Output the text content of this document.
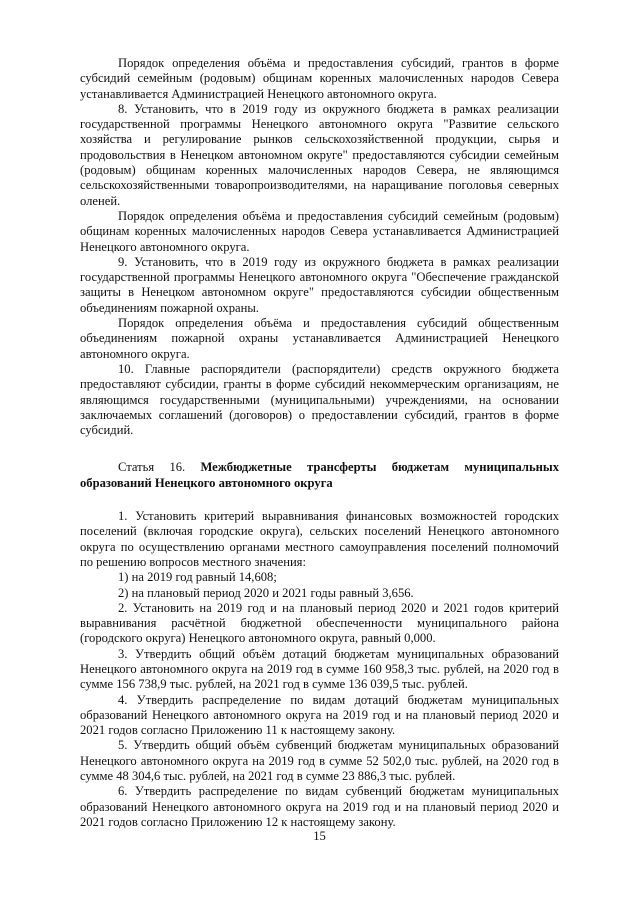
Порядок определения объёма и предоставления субсидий, грантов в форме субсидий семейным (родовым) общинам коренных малочисленных народов Севера устанавливается Администрацией Ненецкого автономного округа.

8. Установить, что в 2019 году из окружного бюджета в рамках реализации государственной программы Ненецкого автономного округа "Развитие сельского хозяйства и регулирование рынков сельскохозяйственной продукции, сырья и продовольствия в Ненецком автономном округе" предоставляются субсидии семейным (родовым) общинам коренных малочисленных народов Севера, не являющимся сельскохозяйственными товаропроизводителями, на наращивание поголовья северных оленей.

Порядок определения объёма и предоставления субсидий семейным (родовым) общинам коренных малочисленных народов Севера устанавливается Администрацией Ненецкого автономного округа.

9. Установить, что в 2019 году из окружного бюджета в рамках реализации государственной программы Ненецкого автономного округа "Обеспечение гражданской защиты в Ненецком автономном округе" предоставляются субсидии общественным объединениям пожарной охраны.

Порядок определения объёма и предоставления субсидий общественным объединениям пожарной охраны устанавливается Администрацией Ненецкого автономного округа.

10. Главные распорядители (распорядители) средств окружного бюджета предоставляют субсидии, гранты в форме субсидий некоммерческим организациям, не являющимся государственными (муниципальными) учреждениями, на основании заключаемых соглашений (договоров) о предоставлении субсидий, грантов в форме субсидий.

Статья 16. Межбюджетные трансферты бюджетам муниципальных образований Ненецкого автономного округа

1. Установить критерий выравнивания финансовых возможностей городских поселений (включая городские округа), сельских поселений Ненецкого автономного округа по осуществлению органами местного самоуправления поселений полномочий по решению вопросов местного значения:

1) на 2019 год равный 14,608;

2) на плановый период 2020 и 2021 годы равный 3,656.

2. Установить на 2019 год и на плановый период 2020 и 2021 годов критерий выравнивания расчётной бюджетной обеспеченности муниципального района (городского округа) Ненецкого автономного округа, равный 0,000.

3. Утвердить общий объём дотаций бюджетам муниципальных образований Ненецкого автономного округа на 2019 год в сумме 160 958,3 тыс. рублей, на 2020 год в сумме 156 738,9 тыс. рублей, на 2021 год в сумме 136 039,5 тыс. рублей.

4. Утвердить распределение по видам дотаций бюджетам муниципальных образований Ненецкого автономного округа на 2019 год и на плановый период 2020 и 2021 годов согласно Приложению 11 к настоящему закону.

5. Утвердить общий объём субвенций бюджетам муниципальных образований Ненецкого автономного округа на 2019 год в сумме 52 502,0 тыс. рублей, на 2020 год в сумме 48 304,6 тыс. рублей, на 2021 год в сумме 23 886,3 тыс. рублей.

6. Утвердить распределение по видам субвенций бюджетам муниципальных образований Ненецкого автономного округа на 2019 год и на плановый период 2020 и 2021 годов согласно Приложению 12 к настоящему закону.

15
